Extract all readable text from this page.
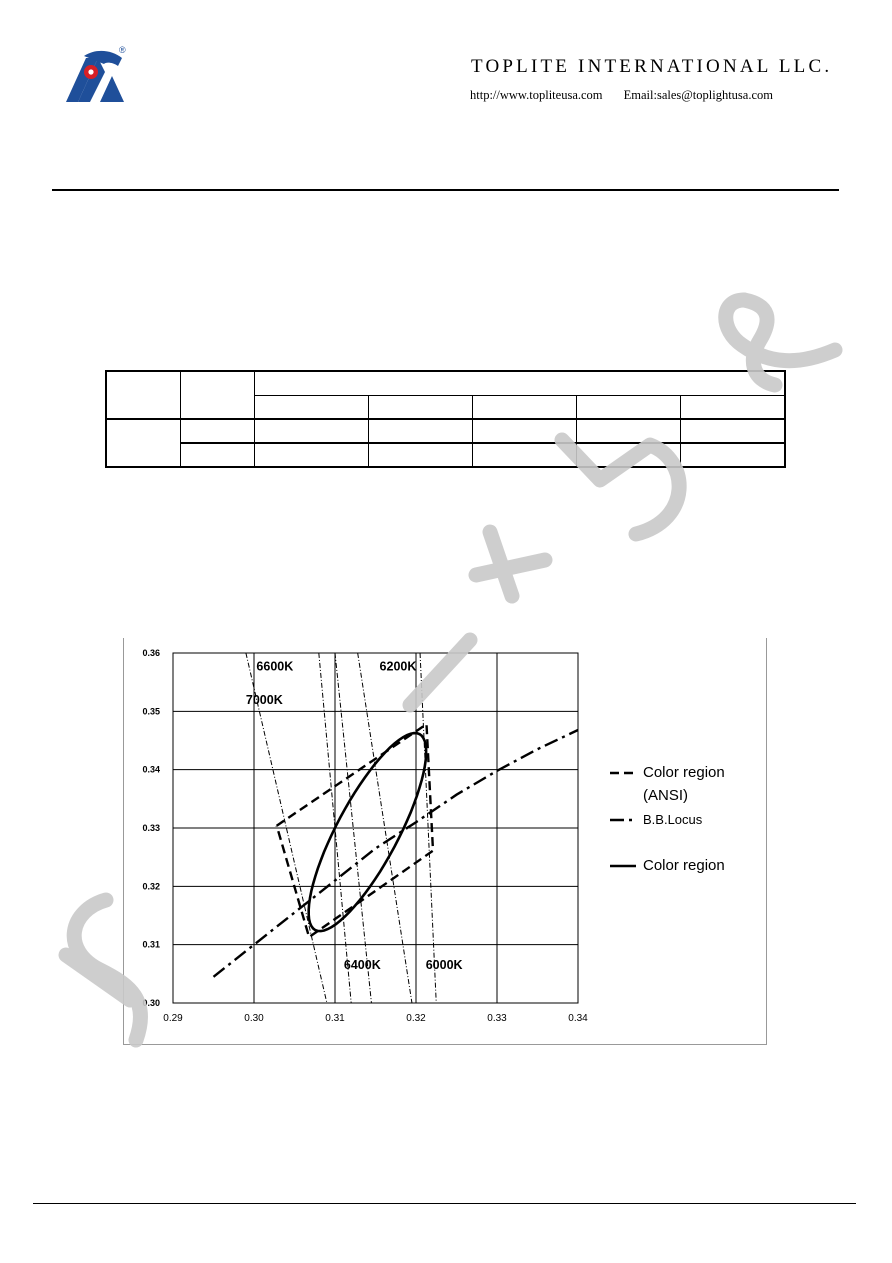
®
TOPLITE INTERNATIONAL LLC.
http://www.topliteusa.com Email:sales@toplightusa.com

0.29	0.30	0.31	0.32	0.33	0.34
0.30
0.31
0.32
0.33
0.34
0.35
0.36
6600K	6200K
7000K
6400K	6000K
Color region (ANSI)
B.B.Locus
Color region
